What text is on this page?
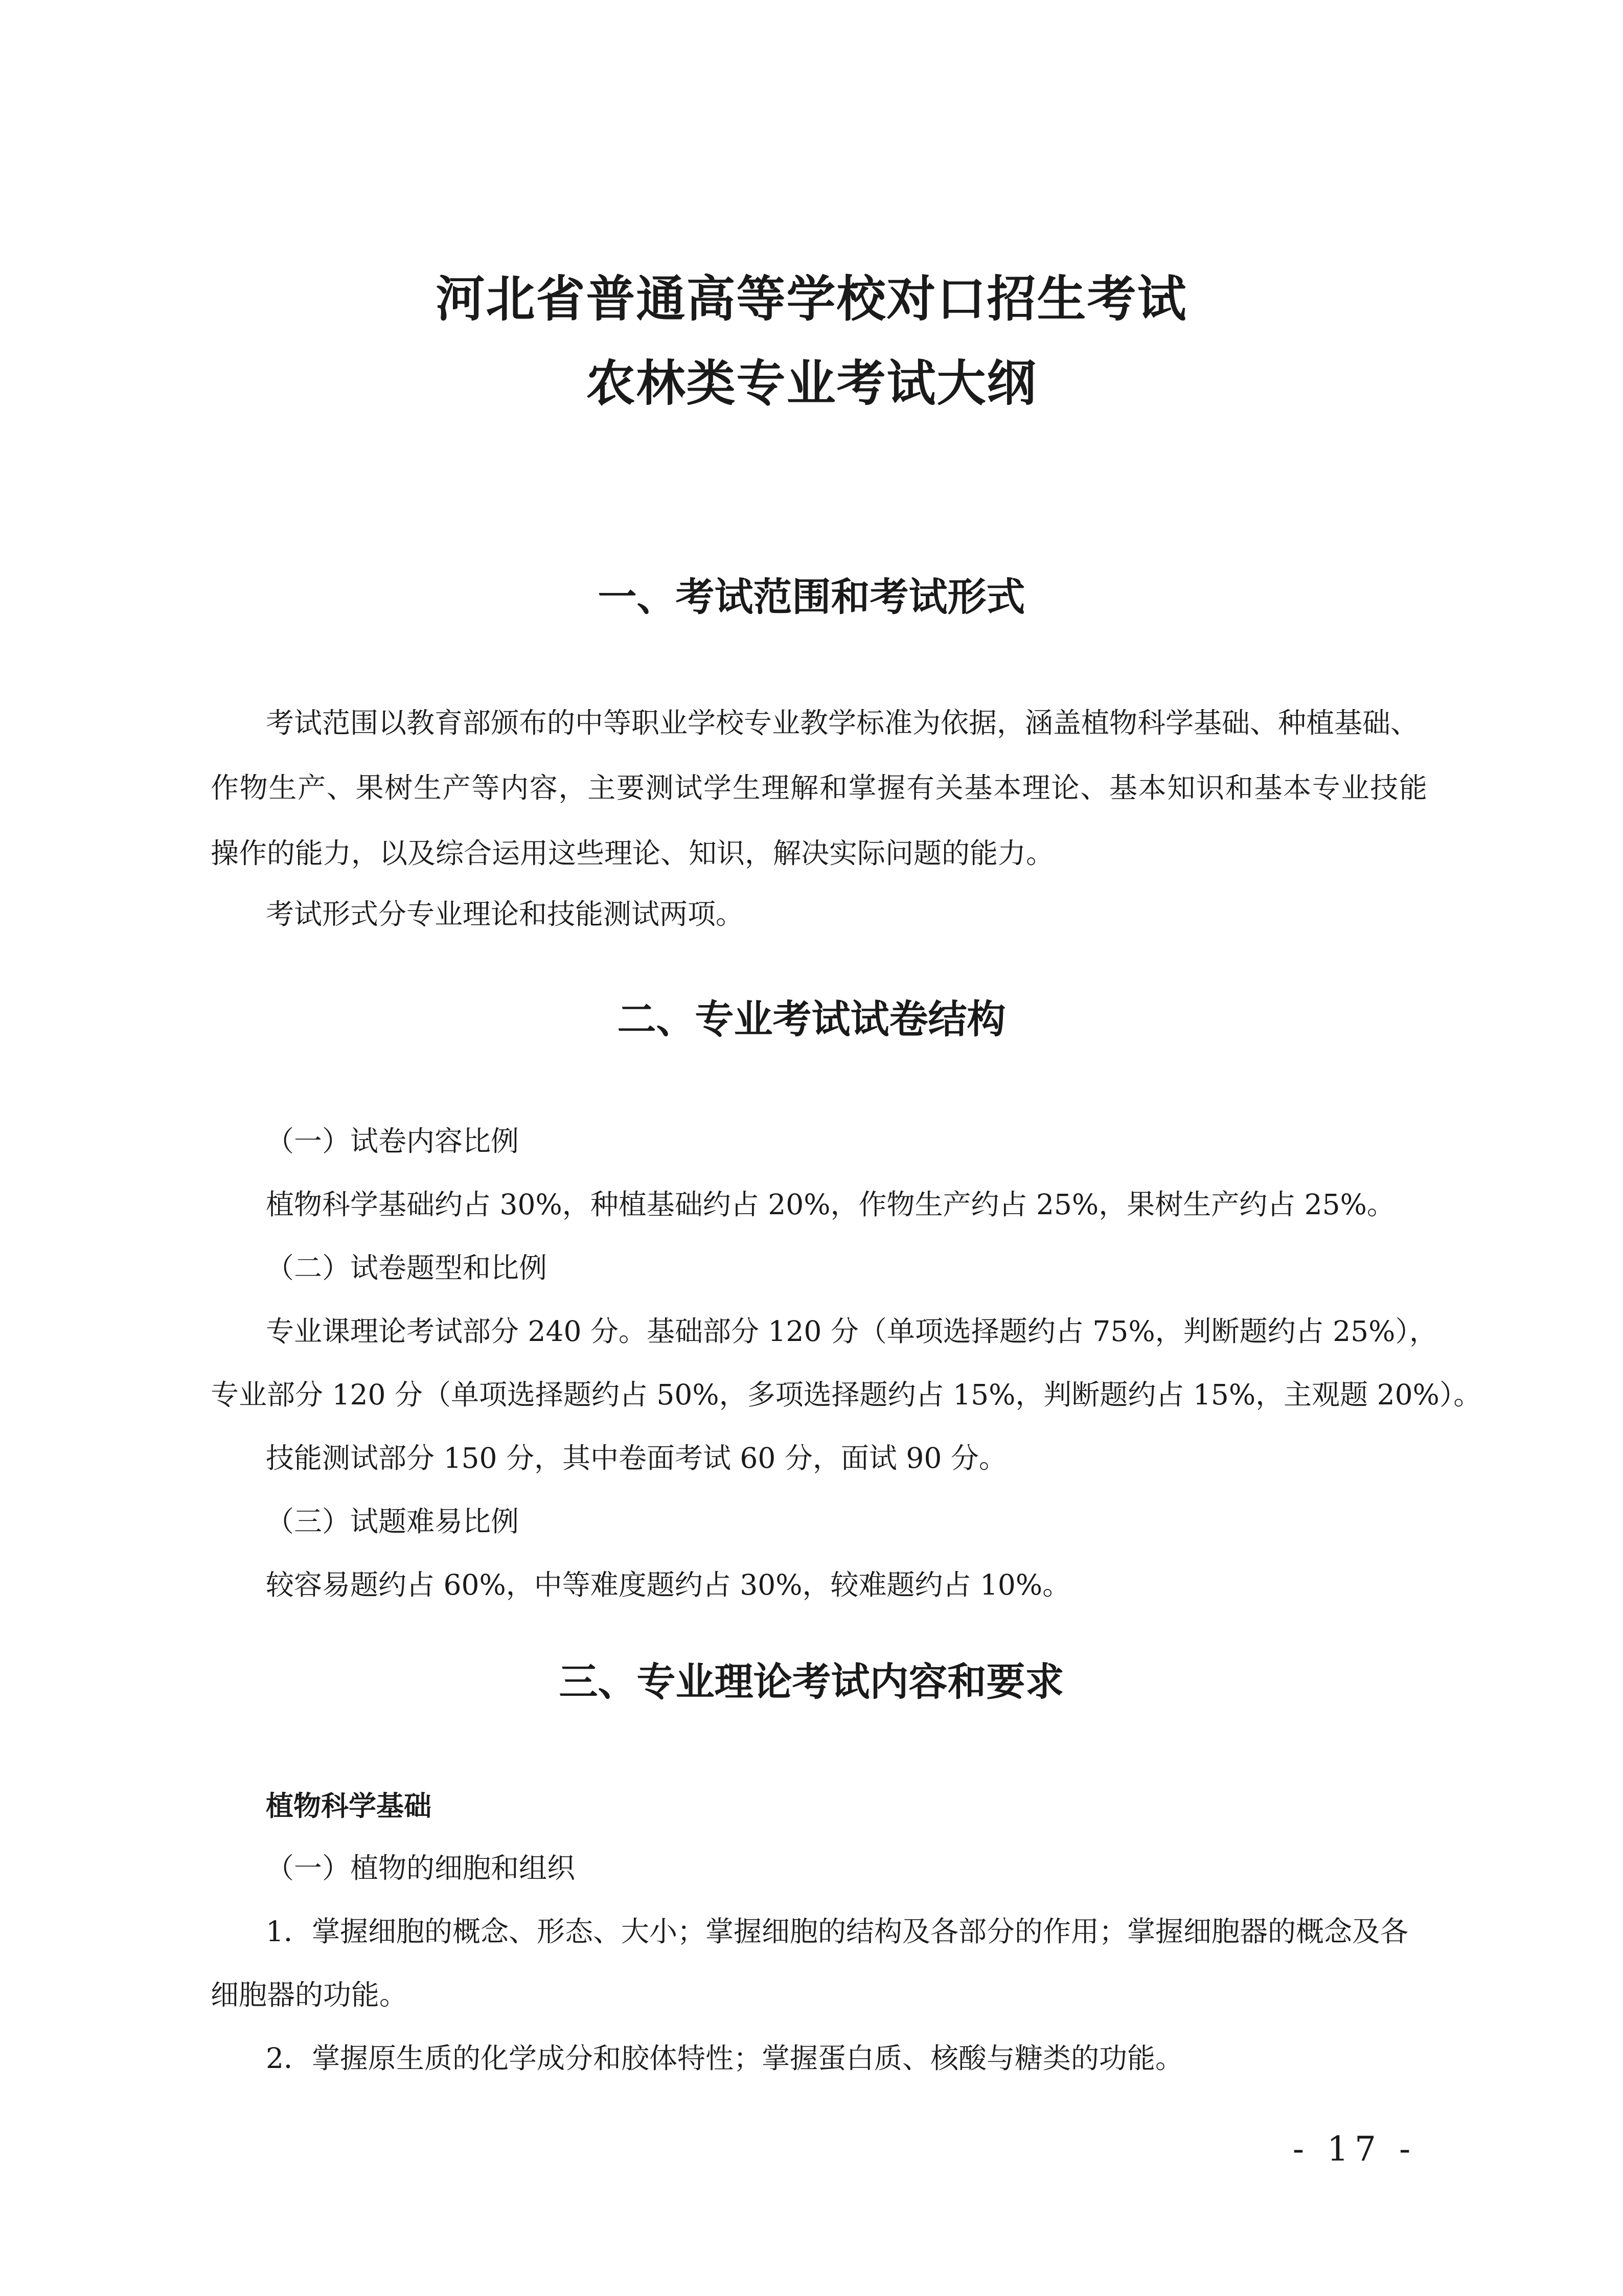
河北省普通高等学校对口招生考试
农林类专业考试大纲
一、考试范围和考试形式
考试范围以教育部颁布的中等职业学校专业教学标准为依据，涵盖植物科学基础、种植基础、
作物生产、果树生产等内容，主要测试学生理解和掌握有关基本理论、基本知识和基本专业技能
操作的能力，以及综合运用这些理论、知识，解决实际问题的能力。
考试形式分专业理论和技能测试两项。
二、专业考试试卷结构
（一）试卷内容比例
植物科学基础约占 30%，种植基础约占 20%，作物生产约占 25%，果树生产约占 25%。
（二）试卷题型和比例
专业课理论考试部分 240 分。基础部分 120 分（单项选择题约占 75%，判断题约占 25%），
专业部分 120 分（单项选择题约占 50%，多项选择题约占 15%，判断题约占 15%，主观题 20%）。
技能测试部分 150 分，其中卷面考试 60 分，面试 90 分。
（三）试题难易比例
较容易题约占 60%，中等难度题约占 30%，较难题约占 10%。
三、专业理论考试内容和要求
植物科学基础
（一）植物的细胞和组织
1．掌握细胞的概念、形态、大小；掌握细胞的结构及各部分的作用；掌握细胞器的概念及各
细胞器的功能。
2．掌握原生质的化学成分和胶体特性；掌握蛋白质、核酸与糖类的功能。
- 17 -
